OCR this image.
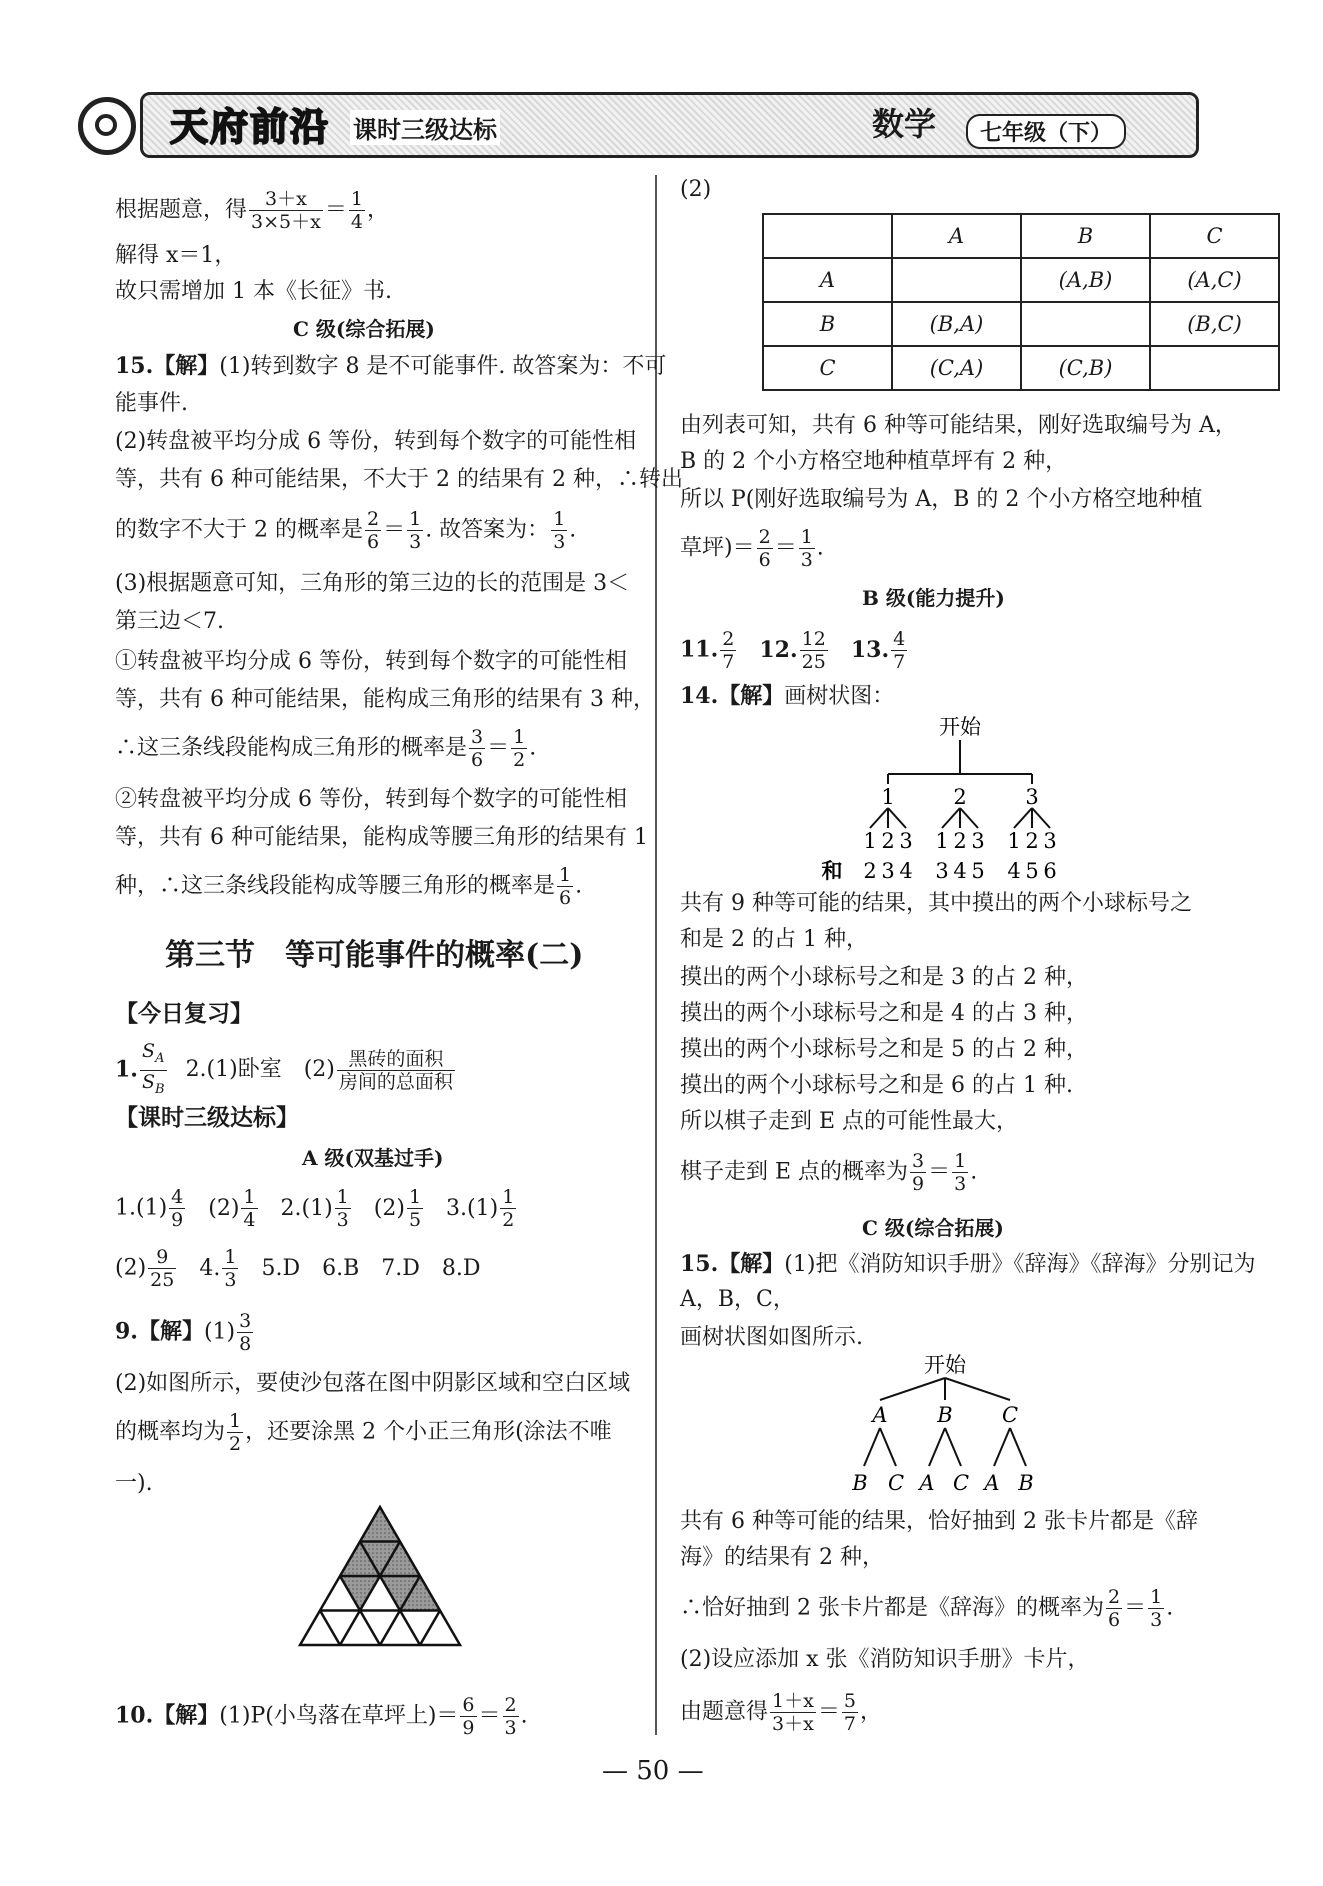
天府前沿 课时三级达标	数学	七年级（下）
根据题意，得 $\frac{3+x}{3\times 5+x} = \frac{1}{4}$ ，
解得 x＝1，
故只需增加 1 本《长征》书.
C 级(综合拓展)
15.【解】(1)转到数字 8 是不可能事件. 故答案为：不可
能事件.
(2)转盘被平均分成 6 等份，转到每个数字的可能性相
等，共有 6 种可能结果，不大于 2 的结果有 2 种，∴转出
的数字不大于 2 的概率是 $\frac{2}{6} = \frac{1}{3}$ . 故答案为： $\frac{1}{3}$ .
(3)根据题意可知，三角形的第三边的长的范围是 3＜
第三边＜7.
①转盘被平均分成 6 等份，转到每个数字的可能性相
等，共有 6 种可能结果，能构成三角形的结果有 3 种，
∴这三条线段能构成三角形的概率是 $\frac{3}{6} = \frac{1}{2}$ .
②转盘被平均分成 6 等份，转到每个数字的可能性相
等，共有 6 种可能结果，能构成等腰三角形的结果有 1
种，∴这三条线段能构成等腰三角形的概率是 $\frac{1}{6}$ .
第三节　等可能事件的概率(二)
【今日复习】
1. $\frac{S_A}{S_B} 2.(1)$卧室　$(2) \frac{\text{黑砖的面积}}{\text{房间的总面积}}$
【课时三级达标】
A 级(双基过手)
$1.(1) \frac{4}{9} (2) \frac{1}{4} 2.(1) \frac{1}{3} (2) \frac{1}{5} 3.(1) \frac{1}{2}$
$(2) \frac{9}{25} 4$. $\frac{1}{3} 5.D$　6.B　7.D　8.D
9.【解】$(1) \frac{3}{8}$
(2)如图所示，要使沙包落在图中阴影区域和空白区域
的概率均为 $\frac{1}{2}$ ，还要涂黑 2 个小正三角形(涂法不唯
一).
10.【解】(1)P(小鸟落在草坪上)＝ $\frac{6}{9} = \frac{2}{3}$ .
(2)
	A	B	C
A		(A,B)	(A,C)
B	(B,A)		(B,C)
C	(C,A)	(C,B)	
由列表可知，共有 6 种等可能结果，刚好选取编号为 A，
B 的 2 个小方格空地种植草坪有 2 种，
所以 P(刚好选取编号为 A，B 的 2 个小方格空地种植
草坪)＝ $\frac{2}{6} = \frac{1}{3}$ .
B 级(能力提升)
11. $\frac{2}{7} 12$. $\frac{12}{25} 13$. $\frac{4}{7}$
14.【解】画树状图：
开始
1	2	3
1 2 3 1 2 3 1 2 3
和 2 3 4 3 4 5 4 5 6
共有 9 种等可能的结果，其中摸出的两个小球标号之
和是 2 的占 1 种，
摸出的两个小球标号之和是 3 的占 2 种，
摸出的两个小球标号之和是 4 的占 3 种，
摸出的两个小球标号之和是 5 的占 2 种，
摸出的两个小球标号之和是 6 的占 1 种.
所以棋子走到 E 点的可能性最大，
棋子走到 E 点的概率为 $\frac{3}{9} = \frac{1}{3}$ .
C 级(综合拓展)
15.【解】(1)把《消防知识手册》《辞海》《辞海》分别记为
A，B，C，
画树状图如图所示.
开始
A B C
B C A C A B
共有 6 种等可能的结果，恰好抽到 2 张卡片都是《辞
海》的结果有 2 种，
∴恰好抽到 2 张卡片都是《辞海》的概率为 $\frac{2}{6} = \frac{1}{3}$ .
(2)设应添加 x 张《消防知识手册》卡片，
由题意得 $\frac{1+x}{3+x} = \frac{5}{7}$ ，
— 50 —
